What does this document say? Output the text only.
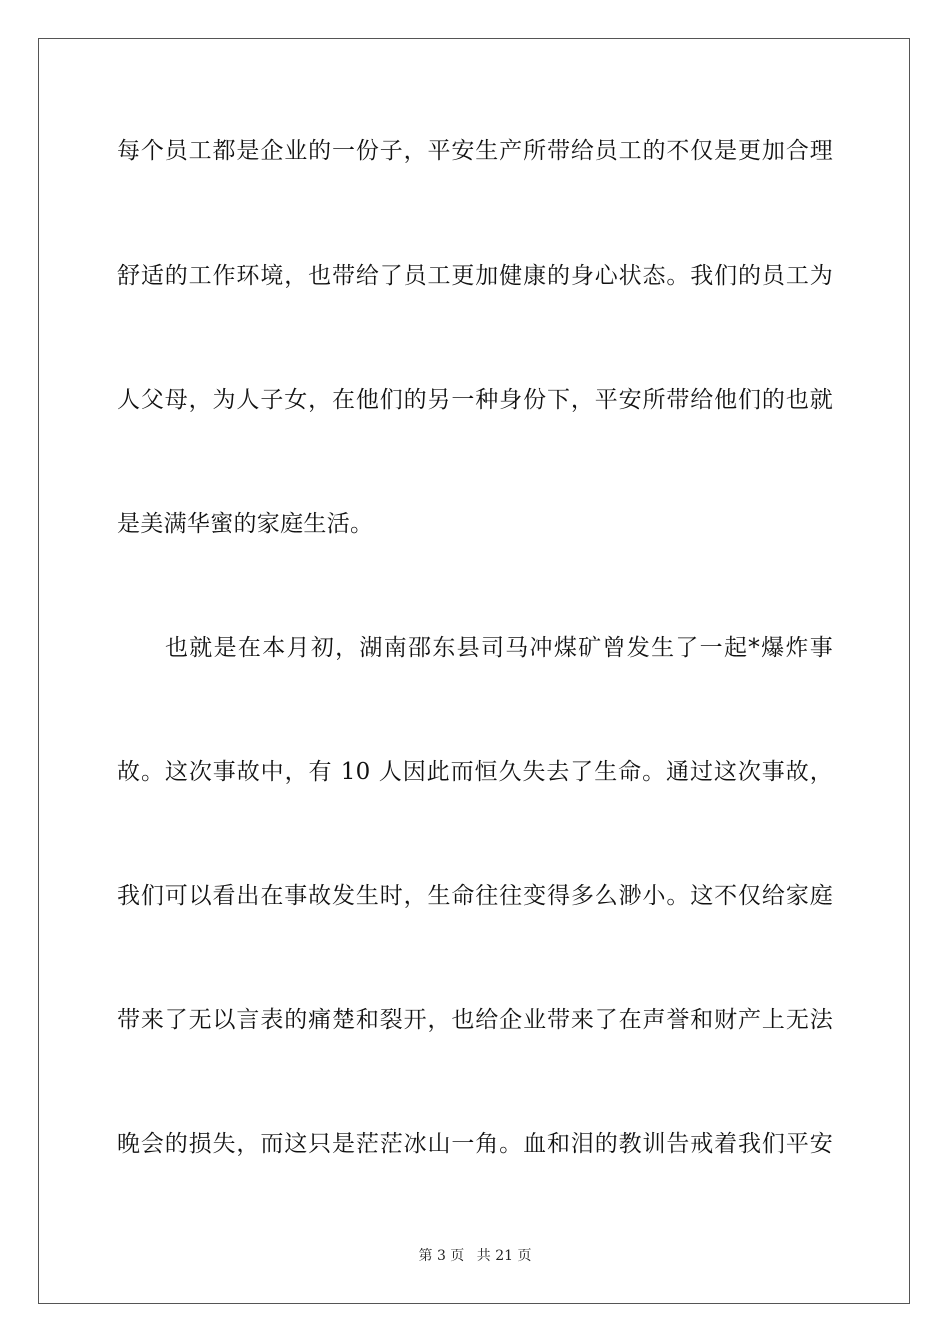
每个员工都是企业的一份子，平安生产所带给员工的不仅是更加合理
舒适的工作环境，也带给了员工更加健康的身心状态。我们的员工为
人父母，为人子女，在他们的另一种身份下，平安所带给他们的也就
是美满华蜜的家庭生活。
也就是在本月初，湖南邵东县司马冲煤矿曾发生了一起*爆炸事
故。这次事故中，有 10 人因此而恒久失去了生命。通过这次事故，
我们可以看出在事故发生时，生命往往变得多么渺小。这不仅给家庭
带来了无以言表的痛楚和裂开，也给企业带来了在声誉和财产上无法
晚会的损失，而这只是茫茫冰山一角。血和泪的教训告戒着我们平安
第 3 页 共 21 页
